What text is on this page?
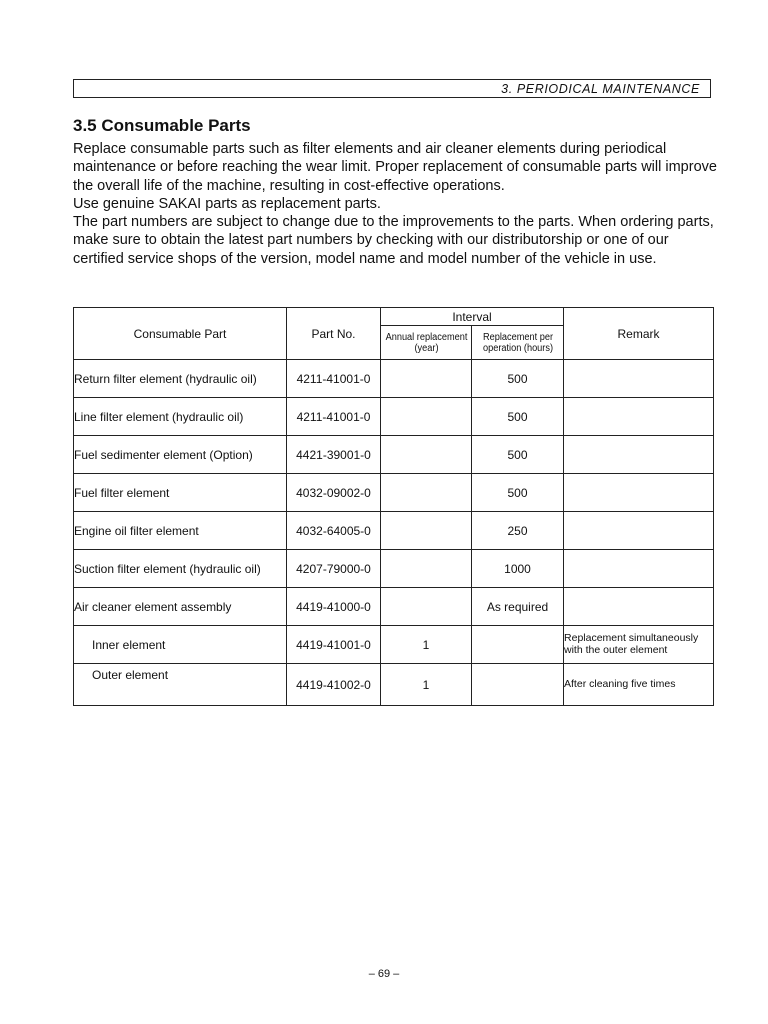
3. PERIODICAL MAINTENANCE
3.5 Consumable Parts

Replace consumable parts such as filter elements and air cleaner elements during periodical maintenance or before reaching the wear limit. Proper replacement of consumable parts will improve the overall life of the machine, resulting in cost-effective operations.

Use genuine SAKAI parts as replacement parts.

The part numbers are subject to change due to the improvements to the parts. When ordering parts, make sure to obtain the latest part numbers by checking with our distributorship or one of our certified service shops of the version, model name and model number of the vehicle in use.

Consumable Part	Part No.	Interval		Remark

		Annual replacement (year)	Replacement per operation (hours)	

Return filter element (hydraulic oil)	4211-41001-0		500	
Line filter element (hydraulic oil)	4211-41001-0		500	
Fuel sedimenter element (Option)	4421-39001-0		500	
Fuel filter element	4032-09002-0		500	
Engine oil filter element	4032-64005-0		250	
Suction filter element (hydraulic oil)	4207-79000-0		1000	
Air cleaner element assembly	4419-41000-0		As required	
Inner element	4419-41001-0	1		Replacement simultaneously with the outer element
Outer element	4419-41002-0	1		After cleaning five times
– 69 –
